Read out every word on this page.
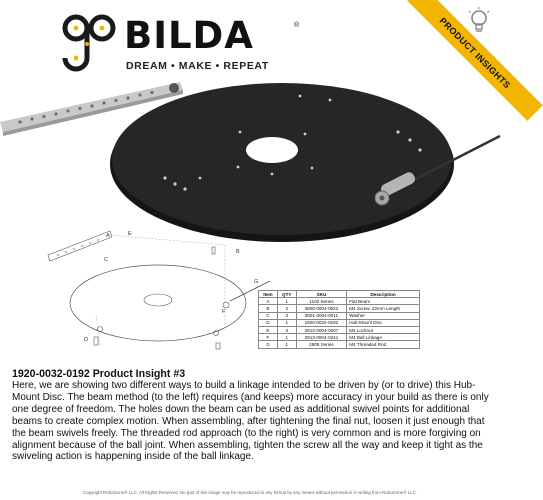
BILDA	®
DREAM • MAKE • REPEAT	PRODUCT INSIGHTS
A	E
C
B
G
F
D
Item	QTY	SKU	Description
A	1	1102 Series	Flat Beam
B	2	3800-0004-0022	M4 Screw, 22mm Length
C	3	2801-0004-0011	Washer
D	1	1920-0032-0192	Hub-Mount Disc
E	3	2812-0004-0007	M4 Locknut
F	1	2913-0004-0241	M4 Ball Linkage
G	1	2808 Series	M4 Threaded Rod
1920-0032-0192 Product Insight #3

Here, we are showing two different ways to build a linkage intended to be driven by (or to drive) this Hub-Mount Disc. The beam method (to the left) requires (and keeps) more accuracy in your build as there is only one degree of freedom. The holes down the beam can be used as additional swivel points for additional beams to create complex motion. When assembling, after tightening the final nut, loosen it just enough that the beam swivels freely. The threaded rod approach (to the right) is very common and is more forgiving on alignment because of the ball joint. When assembling, tighten the screw all the way and keep it tight as the swiveling action is happening inside of the ball linkage.

Copyright Robotzone® LLC. All Rights Reserved. No part of this image may be reproduced in any format by any means without permission in writing from Robotzone® LLC.
